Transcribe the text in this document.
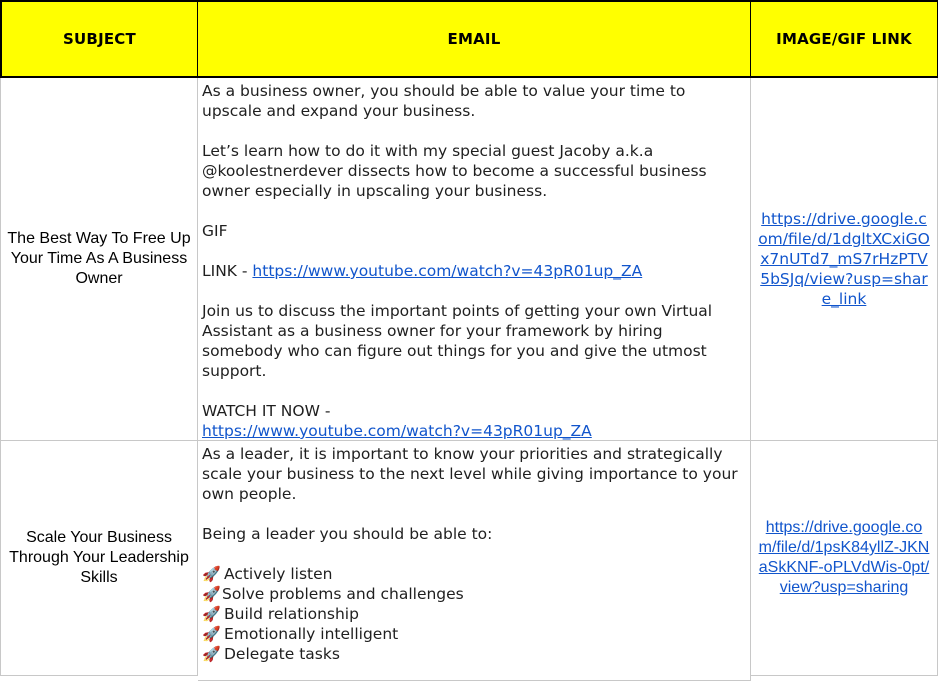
SUBJECT	EMAIL	IMAGE/GIF LINK
The Best Way To Free Up Your Time As A Business Owner
As a business owner, you should be able to value your time to upscale and expand your business.
Let’s learn how to do it with my special guest Jacoby a.k.a @koolestnerdever dissects how to become a successful business owner especially in upscaling your business.
GIF
LINK - https://www.youtube.com/watch?v=43pR01up_ZA
Join us to discuss the important points of getting your own Virtual Assistant as a business owner for your framework by hiring somebody who can figure out things for you and give the utmost support.
WATCH IT NOW -
https://www.youtube.com/watch?v=43pR01up_ZA
https://drive.google.com/file/d/1dgltXCxiGOx7nUTd7_mS7rHzPTV5bSJq/view?usp=share_link
Scale Your Business Through Your Leadership Skills
As a leader, it is important to know your priorities and strategically scale your business to the next level while giving importance to your own people.
Being a leader you should be able to:
🚀 Actively listen
🚀Solve problems and challenges
🚀 Build relationship
🚀 Emotionally intelligent
🚀 Delegate tasks
https://drive.google.com/file/d/1psK84yllZ-JKNaSkKNF-oPLVdWis-0pt/view?usp=sharing
